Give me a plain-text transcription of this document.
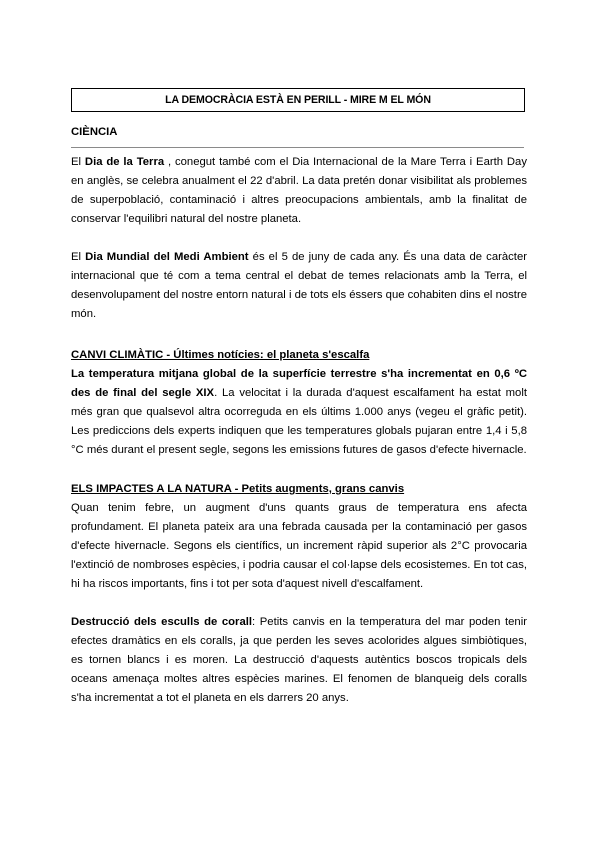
LA DEMOCRÀCIA ESTÀ EN PERILL - MIRE M EL MÓN
CIÈNCIA

El Dia de la Terra , conegut també com el Dia Internacional de la Mare Terra i Earth Day en anglès, se celebra anualment el 22 d'abril. La data pretén donar visibilitat als problemes de superpoblació, contaminació i altres preocupacions ambientals, amb la finalitat de conservar l'equilibri natural del nostre planeta.

El Dia Mundial del Medi Ambient és el 5 de juny de cada any. És una data de caràcter internacional que té com a tema central el debat de temes relacionats amb la Terra, el desenvolupament del nostre entorn natural i de tots els éssers que cohabiten dins el nostre món.

CANVI CLIMÀTIC - Últimes notícies: el planeta s'escalfa

La temperatura mitjana global de la superfície terrestre s'ha incrementat en 0,6 ºC des de final del segle XIX. La velocitat i la durada d'aquest escalfament ha estat molt més gran que qualsevol altra ocorreguda en els últims 1.000 anys (vegeu el gràfic petit). Les prediccions dels experts indiquen que les temperatures globals pujaran entre 1,4 i 5,8 °C més durant el present segle, segons les emissions futures de gasos d'efecte hivernacle.

ELS IMPACTES A LA NATURA - Petits augments, grans canvis

Quan tenim febre, un augment d'uns quants graus de temperatura ens afecta profundament. El planeta pateix ara una febrada causada per la contaminació per gasos d'efecte hivernacle. Segons els científics, un increment ràpid superior als 2°C provocaria l'extinció de nombroses espècies, i podria causar el col·lapse dels ecosistemes. En tot cas, hi ha riscos importants, fins i tot per sota d'aquest nivell d'escalfament.

Destrucció dels esculls de corall: Petits canvis en la temperatura del mar poden tenir efectes dramàtics en els coralls, ja que perden les seves acolorides algues simbiòtiques, es tornen blancs i es moren. La destrucció d'aquests autèntics boscos tropicals dels oceans amenaça moltes altres espècies marines. El fenomen de blanqueig dels coralls s'ha incrementat a tot el planeta en els darrers 20 anys.
